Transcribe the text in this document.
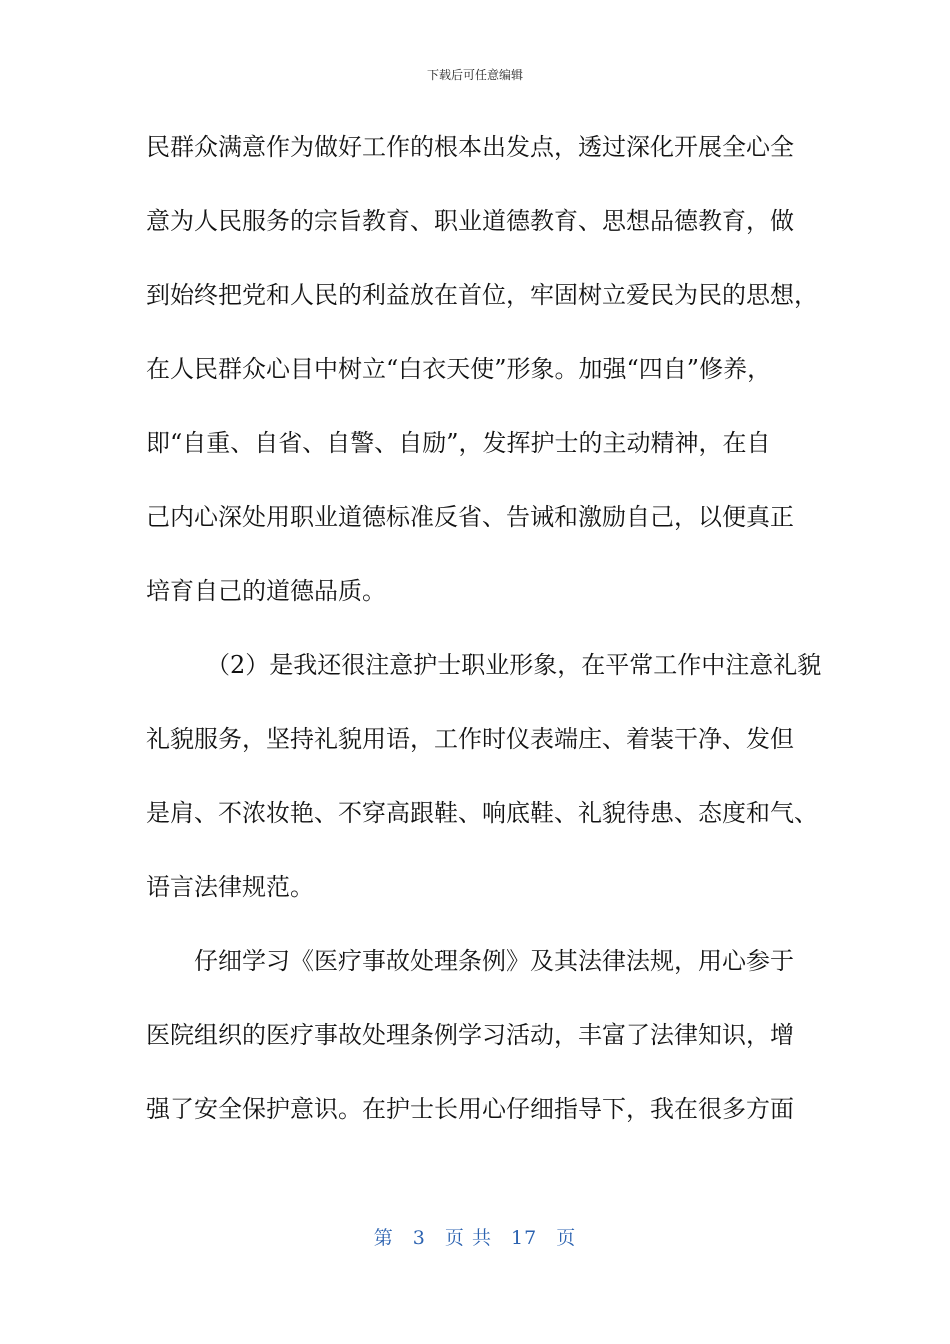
下载后可任意编辑
民群众满意作为做好工作的根本出发点，透过深化开展全心全
意为人民服务的宗旨教育、职业道德教育、思想品德教育，做
到始终把党和人民的利益放在首位，牢固树立爱民为民的思想，
在人民群众心目中树立“白衣天使”形象。加强“四自”修养，
即“自重、自省、自警、自励”，发挥护士的主动精神，在自
己内心深处用职业道德标准反省、告诫和激励自己，以便真正
培育自己的道德品质。
（2）是我还很注意护士职业形象，在平常工作中注意礼貌
礼貌服务，坚持礼貌用语，工作时仪表端庄、着装干净、发但
是肩、不浓妆艳、不穿高跟鞋、响底鞋、礼貌待患、态度和气、
语言法律规范。
仔细学习《医疗事故处理条例》及其法律法规，用心参于
医院组织的医疗事故处理条例学习活动，丰富了法律知识，增
强了安全保护意识。在护士长用心仔细指导下，我在很多方面
第 3 页 共 17 页
